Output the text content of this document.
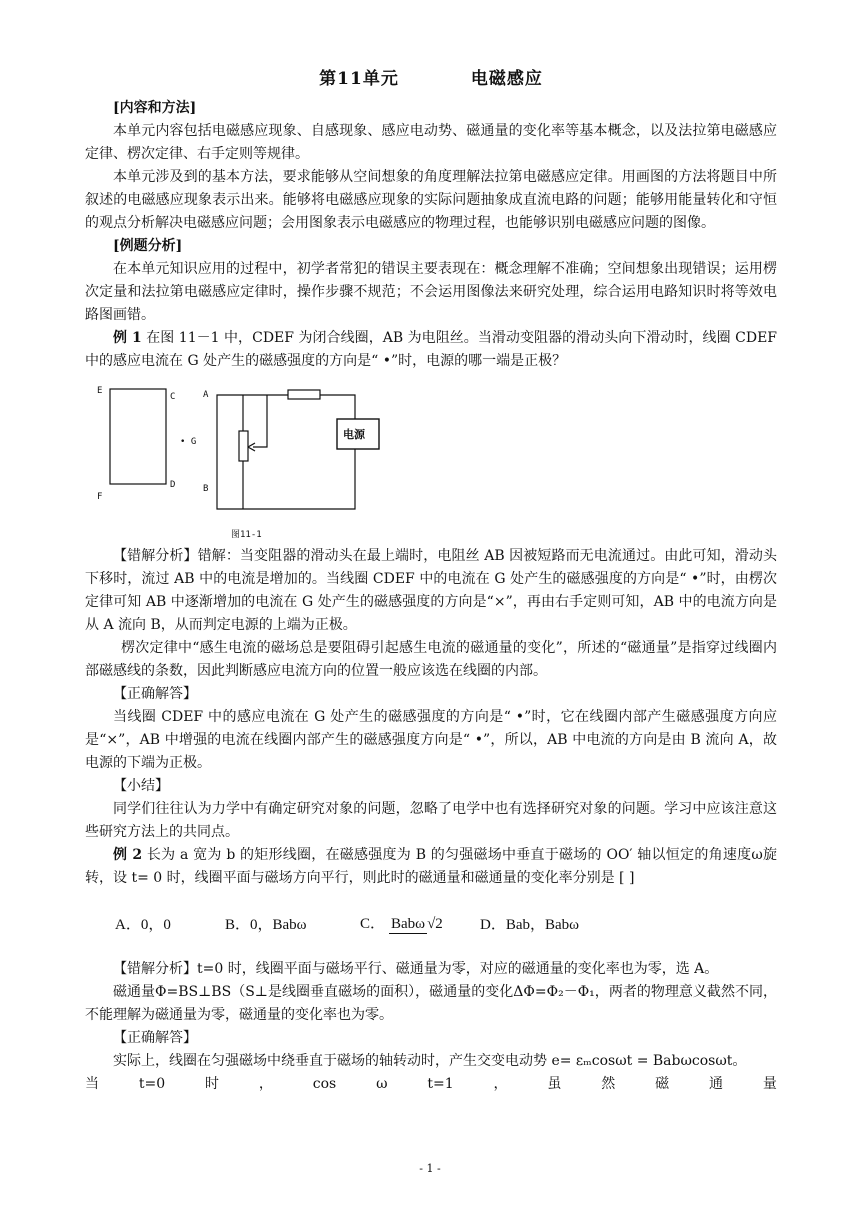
第11单元	电磁感应
[内容和方法]

本单元内容包括电磁感应现象、自感现象、感应电动势、磁通量的变化率等基本概念，以及法拉第电磁感应定律、楞次定律、右手定则等规律。

本单元涉及到的基本方法，要求能够从空间想象的角度理解法拉第电磁感应定律。用画图的方法将题目中所叙述的电磁感应现象表示出来。能够将电磁感应现象的实际问题抽象成直流电路的问题；能够用能量转化和守恒的观点分析解决电磁感应问题；会用图象表示电磁感应的物理过程，也能够识别电磁感应问题的图像。

[例题分析]

在本单元知识应用的过程中，初学者常犯的错误主要表现在：概念理解不准确；空间想象出现错误；运用楞次定量和法拉第电磁感应定律时，操作步骤不规范；不会运用图像法来研究处理，综合运用电路知识时将等效电路图画错。

例 1 在图 11－1 中，CDEF 为闭合线圈，AB 为电阻丝。当滑动变阻器的滑动头向下滑动时，线圈 CDEF 中的感应电流在 G 处产生的磁感强度的方向是“ •”时，电源的哪一端是正极？

E
C
F
D
A
B
• G
图11-1
电源

【错解分析】错解：当变阻器的滑动头在最上端时，电阻丝 AB 因被短路而无电流通过。由此可知，滑动头下移时，流过 AB 中的电流是增加的。当线圈 CDEF 中的电流在 G 处产生的磁感强度的方向是“ •”时，由楞次定律可知 AB 中逐渐增加的电流在 G 处产生的磁感强度的方向是“×”，再由右手定则可知，AB 中的电流方向是从 A 流向 B，从而判定电源的上端为正极。

楞次定律中“感生电流的磁场总是要阻碍引起感生电流的磁通量的变化”，所述的“磁通量”是指穿过线圈内部磁感线的条数，因此判断感应电流方向的位置一般应该选在线圈的内部。

【正确解答】

当线圈 CDEF 中的感应电流在 G 处产生的磁感强度的方向是“ •”时，它在线圈内部产生磁感强度方向应是“×”，AB 中增强的电流在线圈内部产生的磁感强度方向是“ •”，所以，AB 中电流的方向是由 B 流向 A，故电源的下端为正极。

【小结】

同学们往往认为力学中有确定研究对象的问题，忽略了电学中也有选择研究对象的问题。学习中应该注意这些研究方法上的共同点。

例 2 长为 a 宽为 b 的矩形线圈，在磁感强度为 B 的匀强磁场中垂直于磁场的 OO′ 轴以恒定的角速度ω旋转，设 t= 0 时，线圈平面与磁场方向平行，则此时的磁通量和磁通量的变化率分别是 [ ]

A．0，0	B．0，Babω	C． Babω √2	D．Bab，Babω

【错解分析】t=0 时，线圈平面与磁场平行、磁通量为零，对应的磁通量的变化率也为零，选 A。

磁通量Φ=BS⊥BS（S⊥是线圈垂直磁场的面积），磁通量的变化ΔΦ=Φ₂－Φ₁，两者的物理意义截然不同，不能理解为磁通量为零，磁通量的变化率也为零。

【正确解答】

实际上，线圈在匀强磁场中绕垂直于磁场的轴转动时，产生交变电动势 e= εₘcosωt = Babωcosωt。

当	t=0	时	，	cos	ω	t=1	，	虽	然	磁	通	量
- 1 -
